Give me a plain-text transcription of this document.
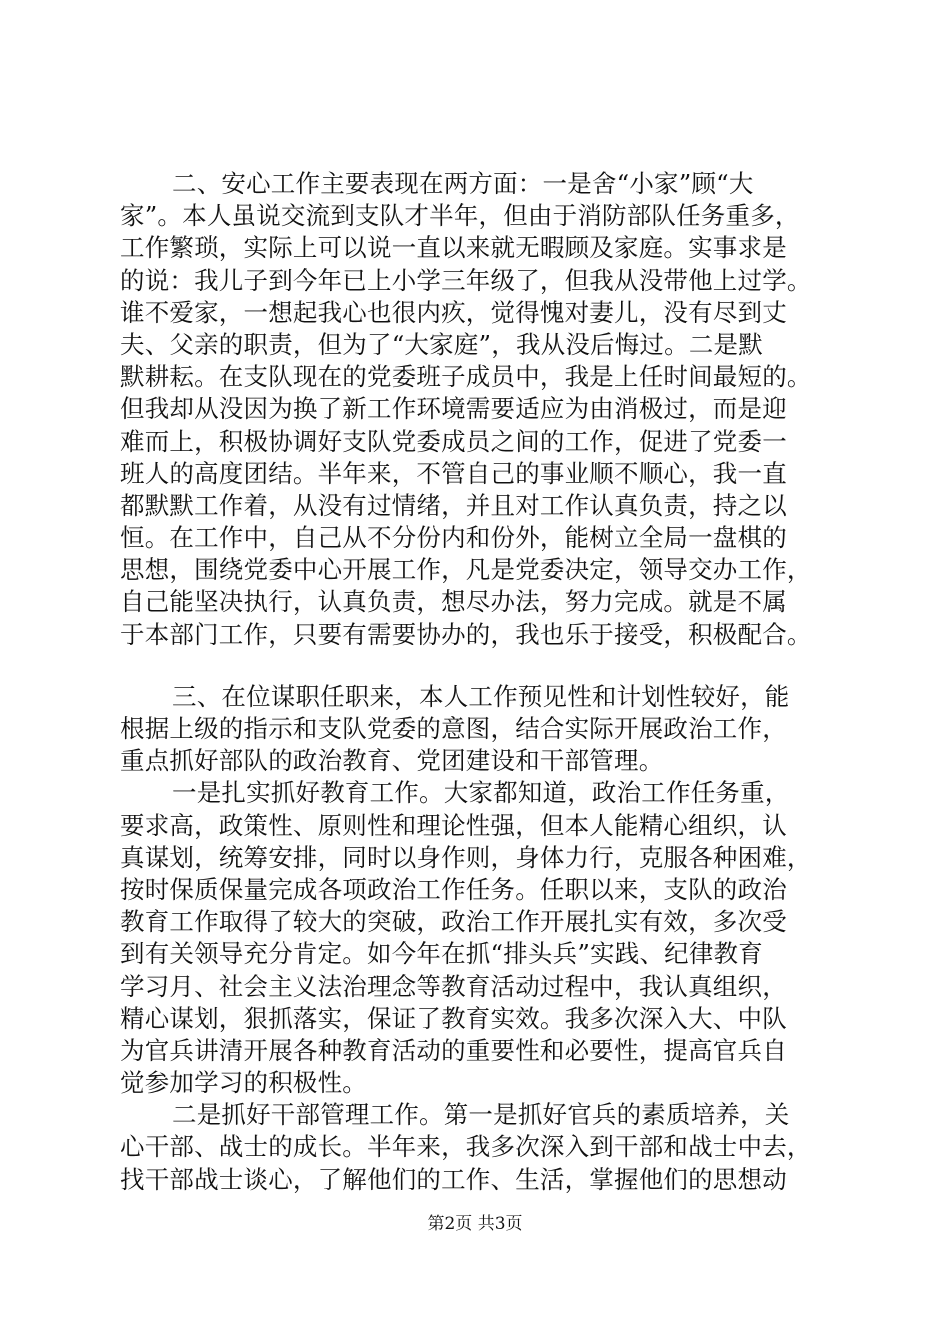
二、安心工作主要表现在两方面：一是舍“小家”顾“大
家”。本人虽说交流到支队才半年，但由于消防部队任务重多，
工作繁琐，实际上可以说一直以来就无暇顾及家庭。实事求是
的说：我儿子到今年已上小学三年级了，但我从没带他上过学。
谁不爱家，一想起我心也很内疚，觉得愧对妻儿，没有尽到丈
夫、父亲的职责，但为了“大家庭”，我从没后悔过。二是默
默耕耘。在支队现在的党委班子成员中，我是上任时间最短的。
但我却从没因为换了新工作环境需要适应为由消极过，而是迎
难而上，积极协调好支队党委成员之间的工作，促进了党委一
班人的高度团结。半年来，不管自己的事业顺不顺心，我一直
都默默工作着，从没有过情绪，并且对工作认真负责，持之以
恒。在工作中，自己从不分份内和份外，能树立全局一盘棋的
思想，围绕党委中心开展工作，凡是党委决定，领导交办工作，
自己能坚决执行，认真负责，想尽办法，努力完成。就是不属
于本部门工作，只要有需要协办的，我也乐于接受，积极配合。
三、在位谋职任职来，本人工作预见性和计划性较好，能
根据上级的指示和支队党委的意图，结合实际开展政治工作，
重点抓好部队的政治教育、党团建设和干部管理。
一是扎实抓好教育工作。大家都知道，政治工作任务重，
要求高，政策性、原则性和理论性强，但本人能精心组织，认
真谋划，统筹安排，同时以身作则，身体力行，克服各种困难，
按时保质保量完成各项政治工作任务。任职以来，支队的政治
教育工作取得了较大的突破，政治工作开展扎实有效，多次受
到有关领导充分肯定。如今年在抓“排头兵”实践、纪律教育
学习月、社会主义法治理念等教育活动过程中，我认真组织，
精心谋划，狠抓落实，保证了教育实效。我多次深入大、中队
为官兵讲清开展各种教育活动的重要性和必要性，提高官兵自
觉参加学习的积极性。
二是抓好干部管理工作。第一是抓好官兵的素质培养，关
心干部、战士的成长。半年来，我多次深入到干部和战士中去，
找干部战士谈心，了解他们的工作、生活，掌握他们的思想动
第2页 共3页
